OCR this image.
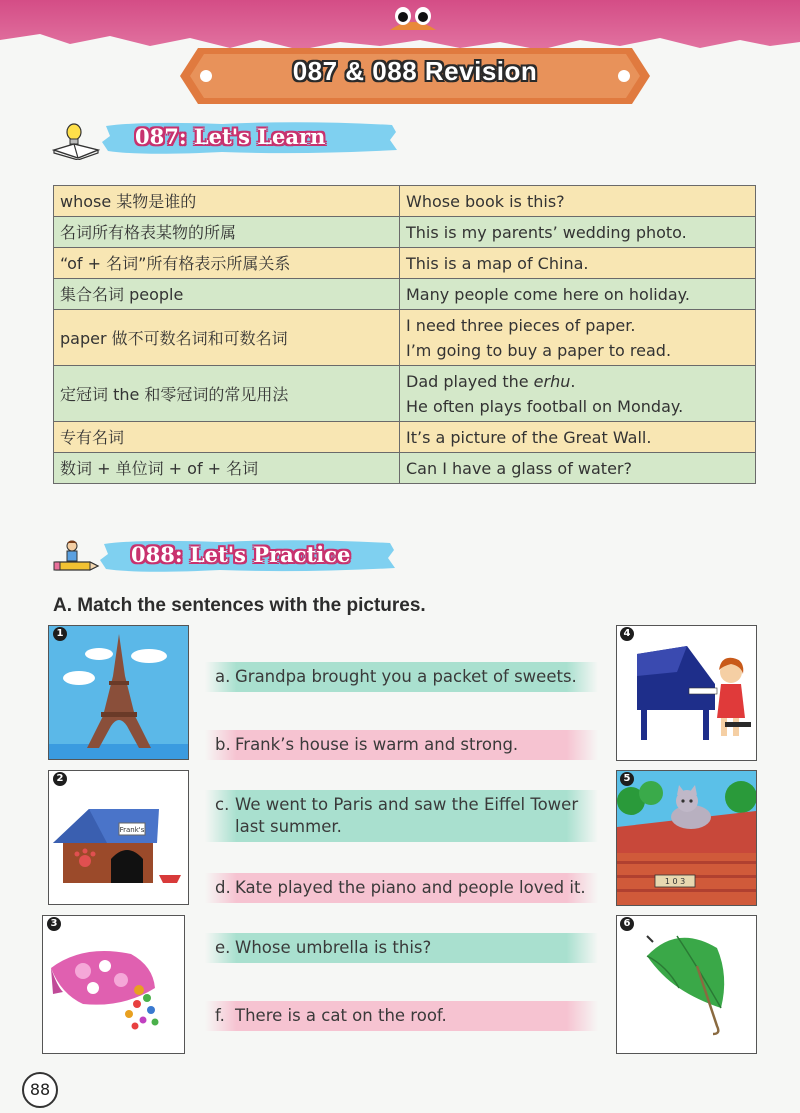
087 & 088 Revision
087: Let's Learn
whose 某物是谁的	Whose book is this?
名词所有格表某物的所属	This is my parents’ wedding photo.
“of + 名词”所有格表示所属关系	This is a map of China.
集合名词 people	Many people come here on holiday.
paper 做不可数名词和可数名词	I need three pieces of paper.
I’m going to buy a paper to read.

定冠词 the 和零冠词的常见用法	Dad played the erhu.
He often plays football on Monday.

专有名词	It’s a picture of the Great Wall.
数词 + 单位词 + of + 名词	Can I have a glass of water?
088: Let's Practice
A. Match the sentences with the pictures.
1
Frank's
2
3
4
1 0 3
5
6
a. Grandpa brought you a packet of sweets.
b. Frank’s house is warm and strong.
c. We went to Paris and saw the Eiffel Tower
last summer.
d. Kate played the piano and people loved it.
e. Whose umbrella is this?
f. There is a cat on the roof.
88
